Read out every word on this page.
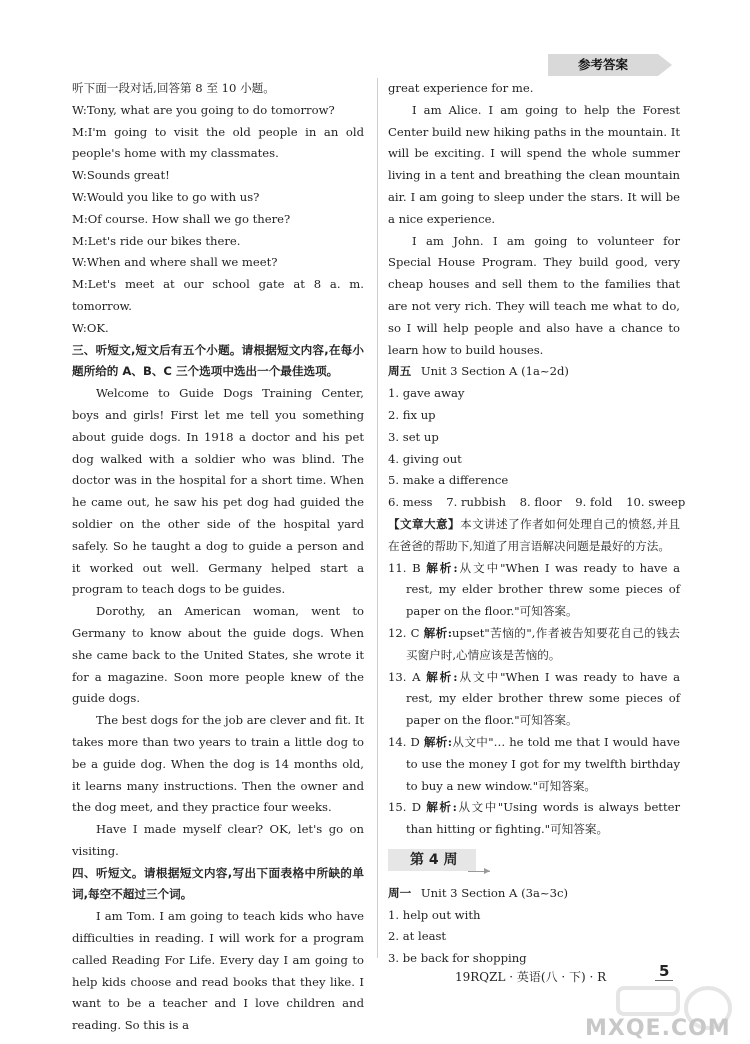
参考答案

听下面一段对话,回答第 8 至 10 小题。

W:Tony, what are you going to do tomorrow?

M:I'm going to visit the old people in an old people's home with my classmates.

W:Sounds great!

W:Would you like to go with us?

M:Of course. How shall we go there?

M:Let's ride our bikes there.

W:When and where shall we meet?

M:Let's meet at our school gate at 8 a. m. tomorrow.

W:OK.

三、听短文,短文后有五个小题。请根据短文内容,在每小题所给的 A、B、C 三个选项中选出一个最佳选项。

Welcome to Guide Dogs Training Center, boys and girls! First let me tell you something about guide dogs. In 1918 a doctor and his pet dog walked with a soldier who was blind. The doctor was in the hospital for a short time. When he came out, he saw his pet dog had guided the soldier on the other side of the hospital yard safely. So he taught a dog to guide a person and it worked out well. Germany helped start a program to teach dogs to be guides.

Dorothy, an American woman, went to Germany to know about the guide dogs. When she came back to the United States, she wrote it for a magazine. Soon more people knew of the guide dogs.

The best dogs for the job are clever and fit. It takes more than two years to train a little dog to be a guide dog. When the dog is 14 months old, it learns many instructions. Then the owner and the dog meet, and they practice four weeks.

Have I made myself clear? OK, let's go on visiting.

四、听短文。请根据短文内容,写出下面表格中所缺的单词,每空不超过三个词。

I am Tom. I am going to teach kids who have difficulties in reading. I will work for a program called Reading For Life. Every day I am going to help kids choose and read books that they like. I want to be a teacher and I love children and reading. So this is a

great experience for me.

I am Alice. I am going to help the Forest Center build new hiking paths in the mountain. It will be exciting. I will spend the whole summer living in a tent and breathing the clean mountain air. I am going to sleep under the stars. It will be a nice experience.

I am John. I am going to volunteer for Special House Program. They build good, very cheap houses and sell them to the families that are not very rich. They will teach me what to do, so I will help people and also have a chance to learn how to build houses.

周五 Unit 3 Section A (1a~2d)

1. gave away

2. fix up

3. set up

4. giving out

5. make a difference

6. mess 7. rubbish 8. floor 9. fold 10. sweep

【文章大意】本文讲述了作者如何处理自己的愤怒,并且在爸爸的帮助下,知道了用言语解决问题是最好的方法。

11. B 解析:从文中"When I was ready to have a rest, my elder brother threw some pieces of paper on the floor."可知答案。

12. C 解析:upset"苦恼的",作者被告知要花自己的钱去买窗户时,心情应该是苦恼的。

13. A 解析:从文中"When I was ready to have a rest, my elder brother threw some pieces of paper on the floor."可知答案。

14. D 解析:从文中"… he told me that I would have to use the money I got for my twelfth birthday to buy a new window."可知答案。

15. D 解析:从文中"Using words is always better than hitting or fighting."可知答案。

第 4 周

周一 Unit 3 Section A (3a~3c)

1. help out with

2. at least

3. be back for shopping

19RQZL · 英语(八 · 下) · R	5
MXQE.COM
